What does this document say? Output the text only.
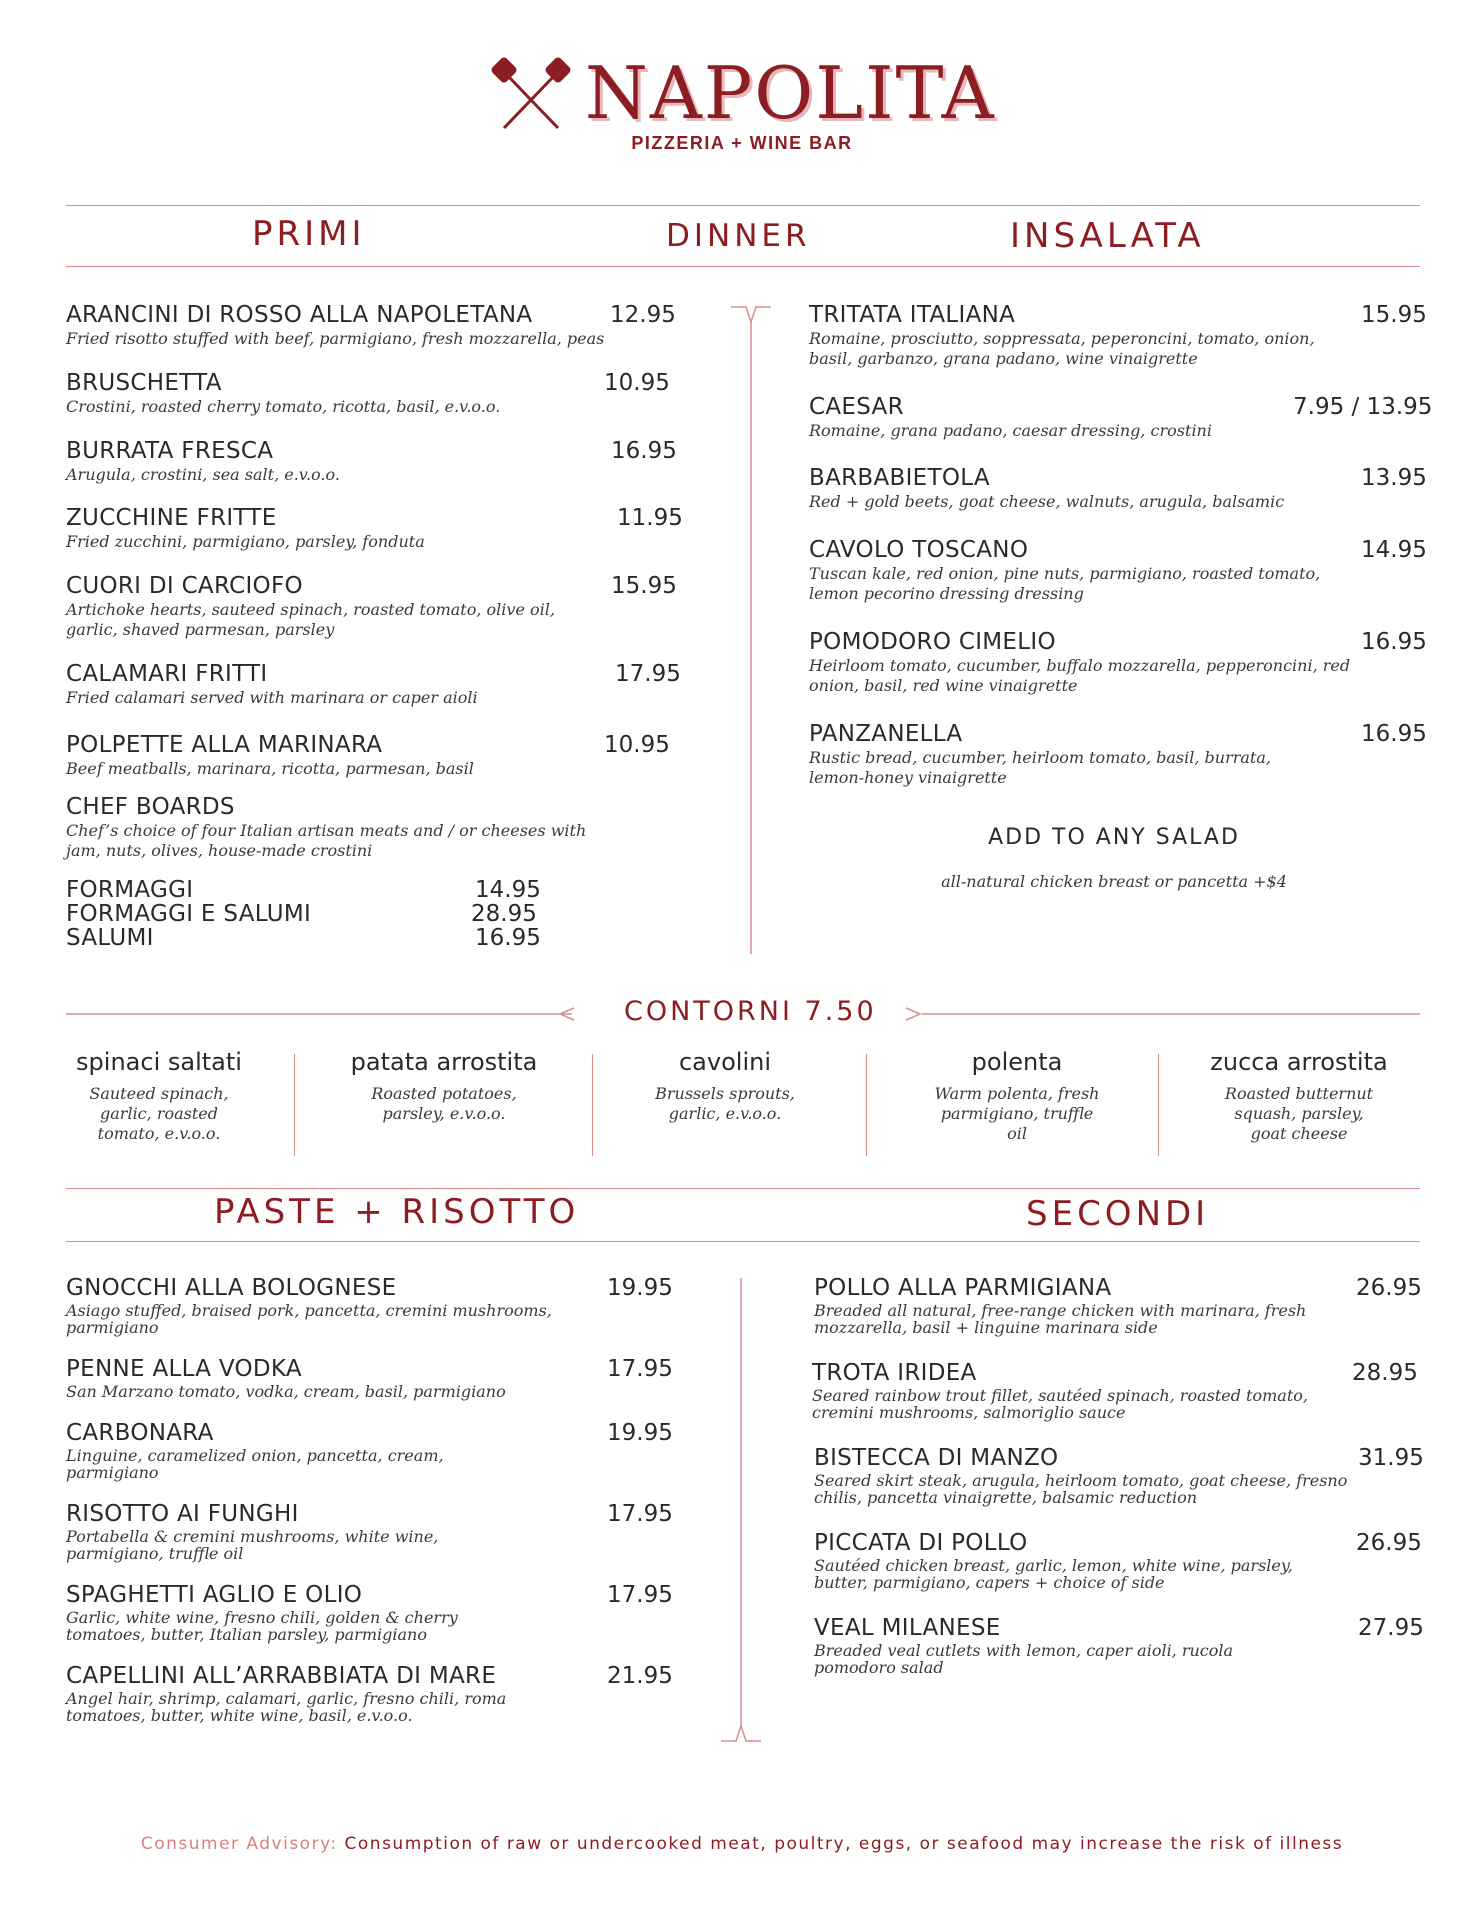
NAPOLITA
PIZZERIA + WINE BAR
PRIMI	DINNER	INSALATA
ARANCINI DI ROSSO ALLA NAPOLETANA
Fried risotto stuffed with beef, parmigiano, fresh mozzarella, peas
12.95
BRUSCHETTA
Crostini, roasted cherry tomato, ricotta, basil, e.v.o.o.
10.95
BURRATA FRESCA
Arugula, crostini, sea salt, e.v.o.o.
16.95
ZUCCHINE FRITTE
Fried zucchini, parmigiano, parsley, fonduta
11.95
CUORI DI CARCIOFO
Artichoke hearts, sauteed spinach, roasted tomato, olive oil, garlic, shaved parmesan, parsley
15.95
CALAMARI FRITTI
Fried calamari served with marinara or caper aioli
17.95
POLPETTE ALLA MARINARA
Beef meatballs, marinara, ricotta, parmesan, basil
10.95
CHEF BOARDS
Chef’s choice of four Italian artisan meats and / or cheeses with jam, nuts, olives, house-made crostini
FORMAGGI	14.95
FORMAGGI E SALUMI	28.95
SALUMI	16.95
TRITATA ITALIANA
Romaine, prosciutto, soppressata, peperoncini, tomato, onion, basil, garbanzo, grana padano, wine vinaigrette
15.95
CAESAR
Romaine, grana padano, caesar dressing, crostini
7.95 / 13.95
BARBABIETOLA
Red + gold beets, goat cheese, walnuts, arugula, balsamic
13.95
CAVOLO TOSCANO
Tuscan kale, red onion, pine nuts, parmigiano, roasted tomato, lemon pecorino dressing dressing
14.95
POMODORO CIMELIO
Heirloom tomato, cucumber, buffalo mozzarella, pepperoncini, red onion, basil, red wine vinaigrette
16.95
PANZANELLA
Rustic bread, cucumber, heirloom tomato, basil, burrata, lemon-honey vinaigrette
16.95
ADD TO ANY SALAD
all-natural chicken breast or pancetta +$4
CONTORNI 7.50
spinaci saltati
Sauteed spinach, garlic, roasted tomato, e.v.o.o.
patata arrostita
Roasted potatoes, parsley, e.v.o.o.
cavolini
Brussels sprouts, garlic, e.v.o.o.
polenta
Warm polenta, fresh parmigiano, truffle oil
zucca arrostita
Roasted butternut squash, parsley, goat cheese
PASTE + RISOTTO	SECONDI
GNOCCHI ALLA BOLOGNESE
Asiago stuffed, braised pork, pancetta, cremini mushrooms, parmigiano
19.95
PENNE ALLA VODKA
San Marzano tomato, vodka, cream, basil, parmigiano
17.95
CARBONARA
Linguine, caramelized onion, pancetta, cream, parmigiano
19.95
RISOTTO AI FUNGHI
Portabella & cremini mushrooms, white wine, parmigiano, truffle oil
17.95
SPAGHETTI AGLIO E OLIO
Garlic, white wine, fresno chili, golden & cherry tomatoes, butter, Italian parsley, parmigiano
17.95
CAPELLINI ALL’ARRABBIATA DI MARE
Angel hair, shrimp, calamari, garlic, fresno chili, roma tomatoes, butter, white wine, basil, e.v.o.o.
21.95
POLLO ALLA PARMIGIANA
Breaded all natural, free-range chicken with marinara, fresh mozzarella, basil + linguine marinara side
26.95
TROTA IRIDEA
Seared rainbow trout fillet, sautéed spinach, roasted tomato, cremini mushrooms, salmoriglio sauce
28.95
BISTECCA DI MANZO
Seared skirt steak, arugula, heirloom tomato, goat cheese, fresno chilis, pancetta vinaigrette, balsamic reduction
31.95
PICCATA DI POLLO
Sautéed chicken breast, garlic, lemon, white wine, parsley, butter, parmigiano, capers + choice of side
26.95
VEAL MILANESE
Breaded veal cutlets with lemon, caper aioli, rucola pomodoro salad
27.95
Consumer Advisory: Consumption of raw or undercooked meat, poultry, eggs, or seafood may increase the risk of illness
